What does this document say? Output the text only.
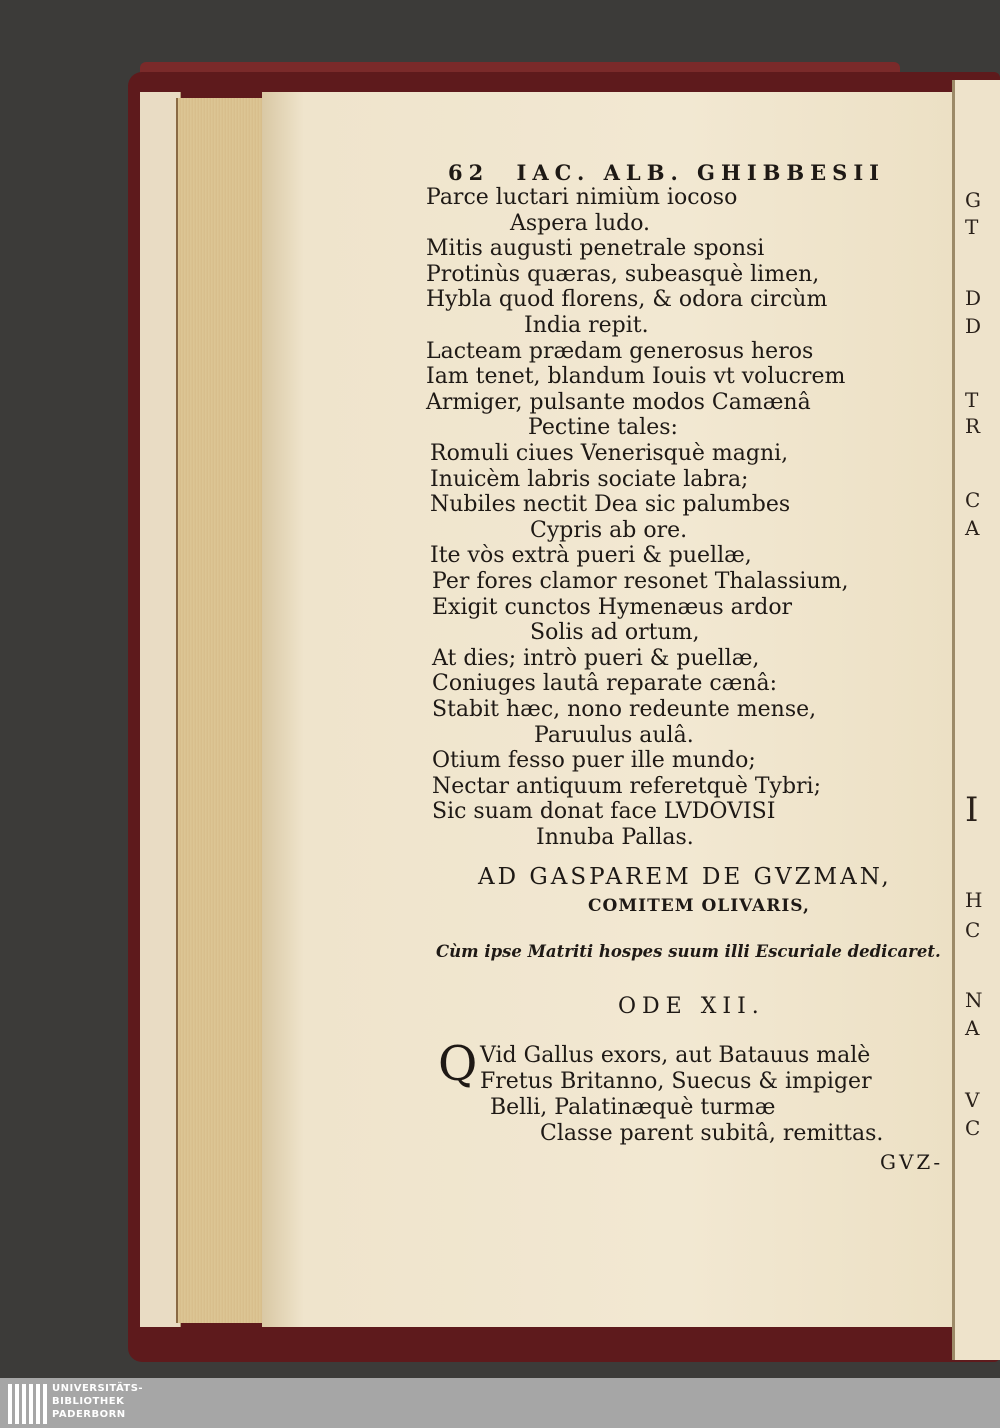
G
T
D
D
T
R
C
A
I
H
C
N
A
V
C
62 IAC. ALB. GHIBBESII
Parce luctari nimiùm iocoso
Aspera ludo.
Mitis augusti penetrale sponsi
Protinùs quæras, subeasquè limen,
Hybla quod florens, & odora circùm
India repit.
Lacteam prædam generosus heros
Iam tenet, blandum Iouis vt volucrem
Armiger, pulsante modos Camænâ
Pectine tales:
Romuli ciues Venerisquè magni,
Inuicèm labris sociate labra;
Nubiles nectit Dea sic palumbes
Cypris ab ore.
Ite vòs extrà pueri & puellæ,
Per fores clamor resonet Thalassium,
Exigit cunctos Hymenæus ardor
Solis ad ortum,
At dies; intrò pueri & puellæ,
Coniuges lautâ reparate cænâ:
Stabit hæc, nono redeunte mense,
Paruulus aulâ.
Otium fesso puer ille mundo;
Nectar antiquum referetquè Tybri;
Sic suam donat face LVDOVISI
Innuba Pallas.
AD GASPAREM DE GVZMAN,
COMITEM OLIVARIS,
Cùm ipse Matriti hospes suum illi Escuriale dedicaret.
ODE XII.
Q Vid Gallus exors, aut Batauus malè
Fretus Britanno, Suecus & impiger
Belli, Palatinæquè turmæ
Classe parent subitâ, remittas.
GVZ-
UNIVERSITÄTS-
BIBLIOTHEK
PADERBORN
